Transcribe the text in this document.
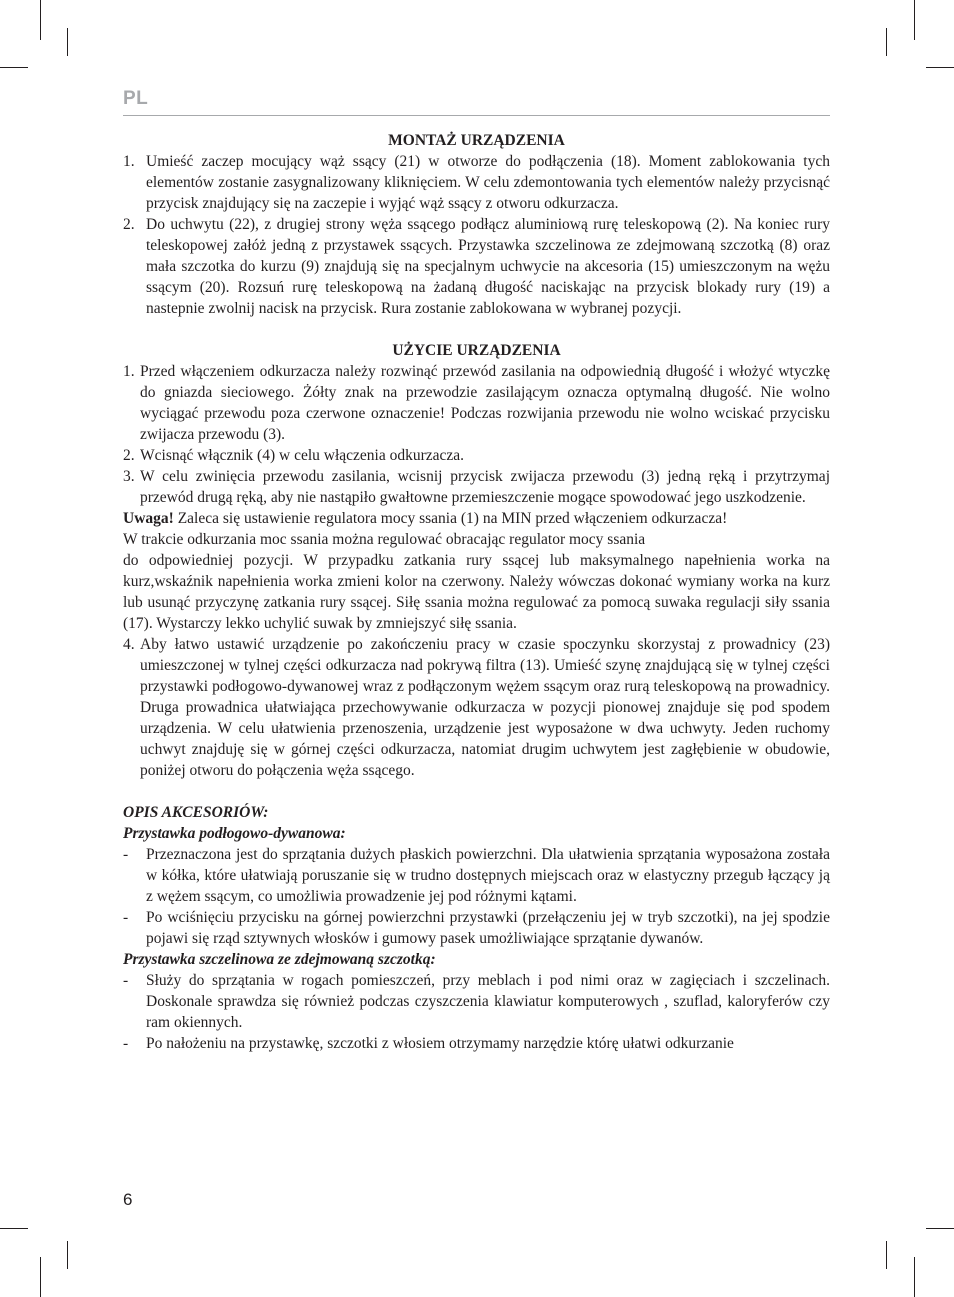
PL

MONTAŻ URZĄDZENIA

1. Umieść zaczep mocujący wąż ssący (21) w otworze do podłączenia (18). Moment zablokowania tych elementów zostanie zasygnalizowany kliknięciem. W celu zdemontowania tych elementów należy przycisnąć przycisk znajdujący się na zaczepie i wyjąć wąż ssący z otworu odkurzacza.
2. Do uchwytu (22), z drugiej strony węża ssącego podłącz aluminiową rurę teleskopową (2). Na koniec rury teleskopowej załóż jedną z przystawek ssących. Przystawka szczelinowa ze zdejmowaną szczotką (8) oraz mała szczotka do kurzu (9) znajdują się na specjalnym uchwycie na akcesoria (15) umieszczonym na wężu ssącym (20). Rozsuń rurę teleskopową na żadaną długość naciskając na przycisk blokady rury (19) a nastepnie zwolnij nacisk na przycisk. Rura zostanie zablokowana w wybranej pozycji.

UŻYCIE URZĄDZENIA

1. Przed włączeniem odkurzacza należy rozwinąć przewód zasilania na odpowiednią długość i włożyć wtyczkę do gniazda sieciowego. Żółty znak na przewodzie zasilającym oznacza optymalną długość. Nie wolno wyciągać przewodu poza czerwone oznaczenie! Podczas rozwijania przewodu nie wolno wciskać przycisku zwijacza przewodu (3).
2. Wcisnąć włącznik (4) w celu włączenia odkurzacza.
3. W celu zwinięcia przewodu zasilania, wcisnij przycisk zwijacza przewodu (3) jedną ręką i przytrzymaj przewód drugą ręką, aby nie nastąpiło gwałtowne przemieszczenie mogące spowodować jego uszkodzenie.

Uwaga! Zaleca się ustawienie regulatora mocy ssania (1) na MIN przed włączeniem odkurzacza!

W trakcie odkurzania moc ssania można regulować obracając regulator mocy ssania

do odpowiedniej pozycji. W przypadku zatkania rury ssącej lub maksymalnego napełnienia worka na kurz,wskaźnik napełnienia worka zmieni kolor na czerwony. Należy wówczas dokonać wymiany worka na kurz lub usunąć przyczynę zatkania rury ssącej. Siłę ssania można regulować za pomocą suwaka regulacji siły ssania (17). Wystarczy lekko uchylić suwak by zmniejszyć siłę ssania.

4. Aby łatwo ustawić urządzenie po zakończeniu pracy w czasie spoczynku skorzystaj z prowadnicy (23) umieszczonej w tylnej części odkurzacza nad pokrywą filtra (13). Umieść szynę znajdującą się w tylnej części przystawki podłogowo-dywanowej wraz z podłączonym wężem ssącym oraz rurą teleskopową na prowadnicy. Druga prowadnica ułatwiająca przechowywanie odkurzacza w pozycji pionowej znajduje się pod spodem urządzenia. W celu ułatwienia przenoszenia, urządzenie jest wyposażone w dwa uchwyty. Jeden ruchomy uchwyt znajduję się w górnej części odkurzacza, natomiat drugim uchwytem jest zagłębienie w obudowie, poniżej otworu do połączenia węża ssącego.

OPIS AKCESORIÓW:

Przystawka podłogowo-dywanowa:

-	Przeznaczona jest do sprzątania dużych płaskich powierzchni. Dla ułatwienia sprzątania wyposażona została w kółka, które ułatwiają poruszanie się w trudno dostępnych miejscach oraz w elastyczny przegub łączący ją z wężem ssącym, co umożliwia prowadzenie jej pod różnymi kątami.
-	Po wciśnięciu przycisku na górnej powierzchni przystawki (przełączeniu jej w tryb szczotki), na jej spodzie pojawi się rząd sztywnych włosków i gumowy pasek umożliwiające sprzątanie dywanów.

Przystawka szczelinowa ze zdejmowaną szczotką:

-	Służy do sprzątania w rogach pomieszczeń, przy meblach i pod nimi oraz w zagięciach i szczelinach. Doskonale sprawdza się również podczas czyszczenia klawiatur komputerowych , szuflad, kaloryferów czy ram okiennych.
-	Po nałożeniu na przystawkę, szczotki z włosiem otrzymamy narzędzie którę ułatwi odkurzanie
6
